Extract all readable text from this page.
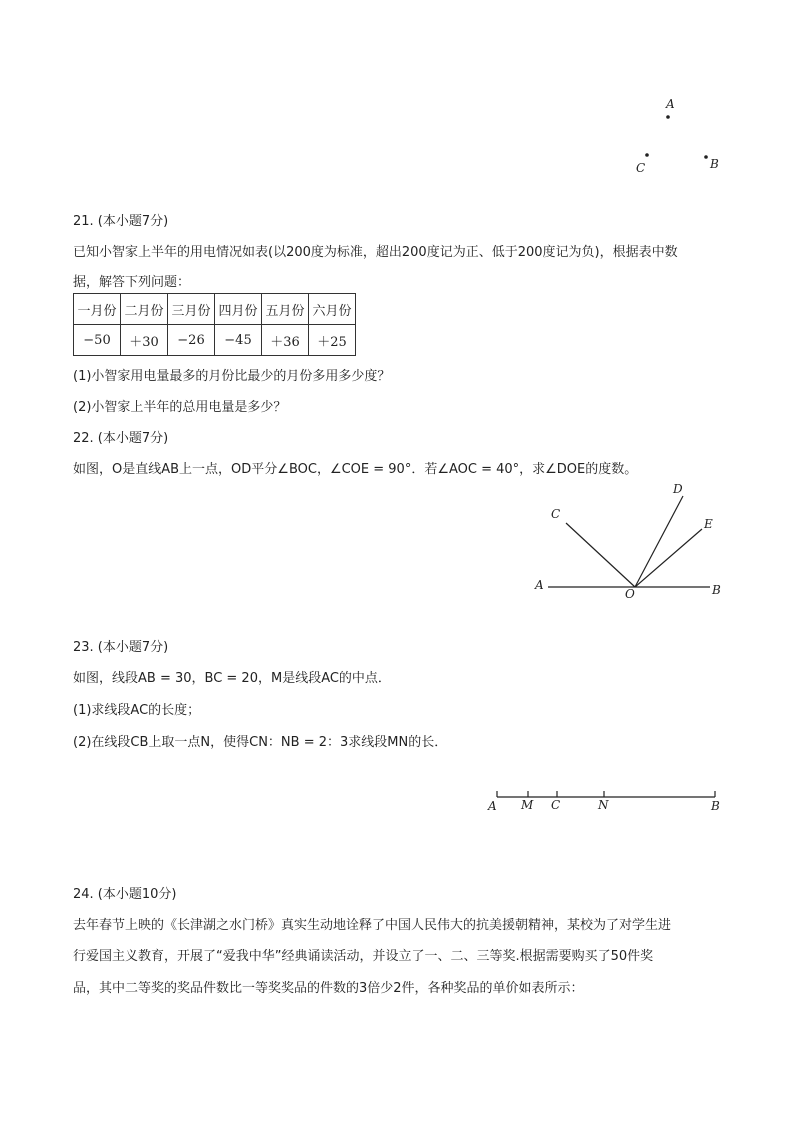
A
C	B
21. (本小题7分)
已知小智家上半年的用电情况如表(以200度为标准，超出200度记为正、低于200度记为负)，根据表中数
据，解答下列问题：
一月份	二月份	三月份	四月份	五月份	六月份
−50	＋30	−26	−45	＋36	＋25
(1)小智家用电量最多的月份比最少的月份多用多少度？
(2)小智家上半年的总用电量是多少？
22. (本小题7分)
如图，O是直线AB上一点，OD平分∠BOC，∠COE = 90°．若∠AOC = 40°，求∠DOE的度数。
A	B
C
D
E
O
23. (本小题7分)
如图，线段AB = 30，BC = 20，M是线段AC的中点．
(1)求线段AC的长度；
(2)在线段CB上取一点N，使得CN：NB = 2：3求线段MN的长．
A M C	N	B
24. (本小题10分)
去年春节上映的《长津湖之水门桥》真实生动地诠释了中国人民伟大的抗美援朝精神，某校为了对学生进
行爱国主义教育，开展了“爱我中华”经典诵读活动，并设立了一、二、三等奖.根据需要购买了50件奖
品，其中二等奖的奖品件数比一等奖奖品的件数的3倍少2件，各种奖品的单价如表所示：
